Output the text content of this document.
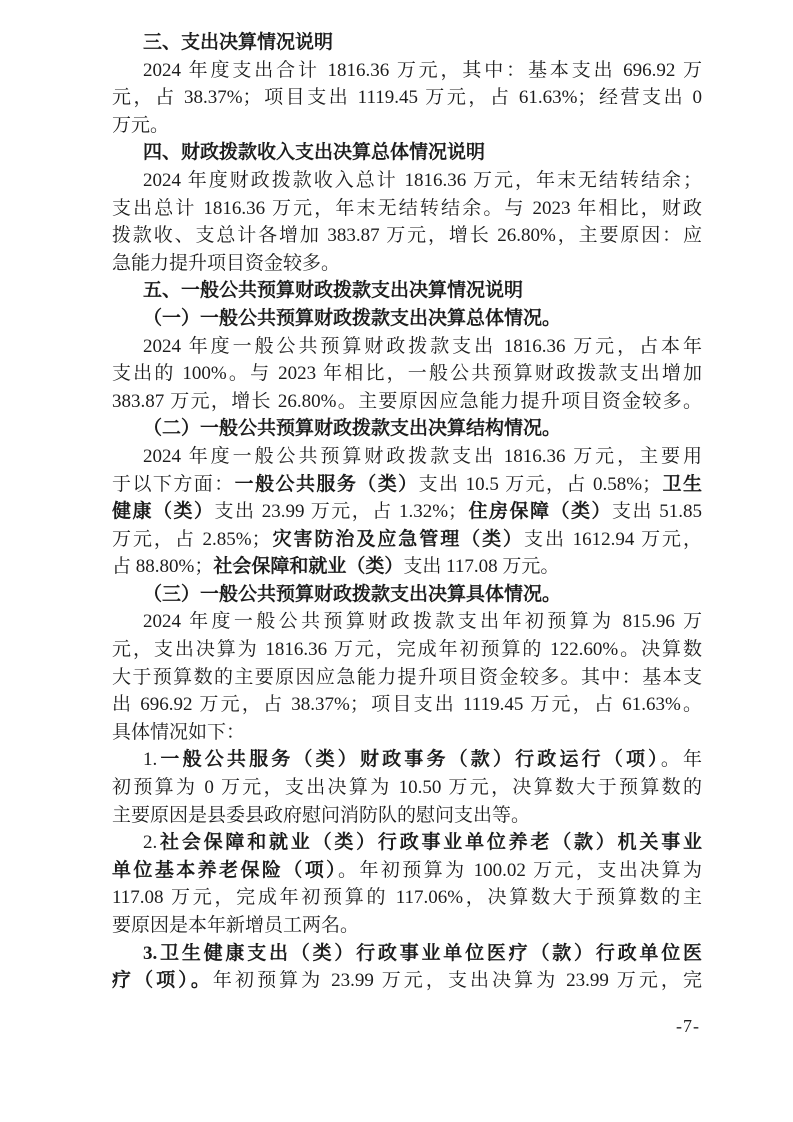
三、支出决算情况说明
2024 年度支出合计 1816.36 万元，其中：基本支出 696.92 万
元，占 38.37%；项目支出 1119.45 万元，占 61.63%；经营支出 0
万元。
四、财政拨款收入支出决算总体情况说明
2024 年度财政拨款收入总计 1816.36 万元，年末无结转结余；
支出总计 1816.36 万元，年末无结转结余。与 2023 年相比，财政
拨款收、支总计各增加 383.87 万元，增长 26.80%，主要原因：应
急能力提升项目资金较多。
五、一般公共预算财政拨款支出决算情况说明
（一）一般公共预算财政拨款支出决算总体情况。
2024 年度一般公共预算财政拨款支出 1816.36 万元，占本年
支出的 100%。与 2023 年相比，一般公共预算财政拨款支出增加
383.87 万元，增长 26.80%。主要原因应急能力提升项目资金较多。
（二）一般公共预算财政拨款支出决算结构情况。
2024 年度一般公共预算财政拨款支出 1816.36 万元，主要用
于以下方面：一般公共服务（类）支出 10.5 万元，占 0.58%；卫生
健康（类）支出 23.99 万元，占 1.32%；住房保障（类）支出 51.85
万元，占 2.85%；灾害防治及应急管理（类）支出 1612.94 万元，
占 88.80%；社会保障和就业（类）支出 117.08 万元。
（三）一般公共预算财政拨款支出决算具体情况。
2024 年度一般公共预算财政拨款支出年初预算为 815.96 万
元，支出决算为 1816.36 万元，完成年初预算的 122.60%。决算数
大于预算数的主要原因应急能力提升项目资金较多。其中：基本支
出 696.92 万元，占 38.37%；项目支出 1119.45 万元，占 61.63%。
具体情况如下：
1.一般公共服务（类）财政事务（款）行政运行（项）。年
初预算为 0 万元，支出决算为 10.50 万元，决算数大于预算数的
主要原因是县委县政府慰问消防队的慰问支出等。
2.社会保障和就业（类）行政事业单位养老（款）机关事业
单位基本养老保险（项）。年初预算为 100.02 万元，支出决算为
117.08 万元，完成年初预算的 117.06%，决算数大于预算数的主
要原因是本年新增员工两名。
3.卫生健康支出（类）行政事业单位医疗（款）行政单位医
疗（项）。年初预算为 23.99 万元，支出决算为 23.99 万元，完
-7-
